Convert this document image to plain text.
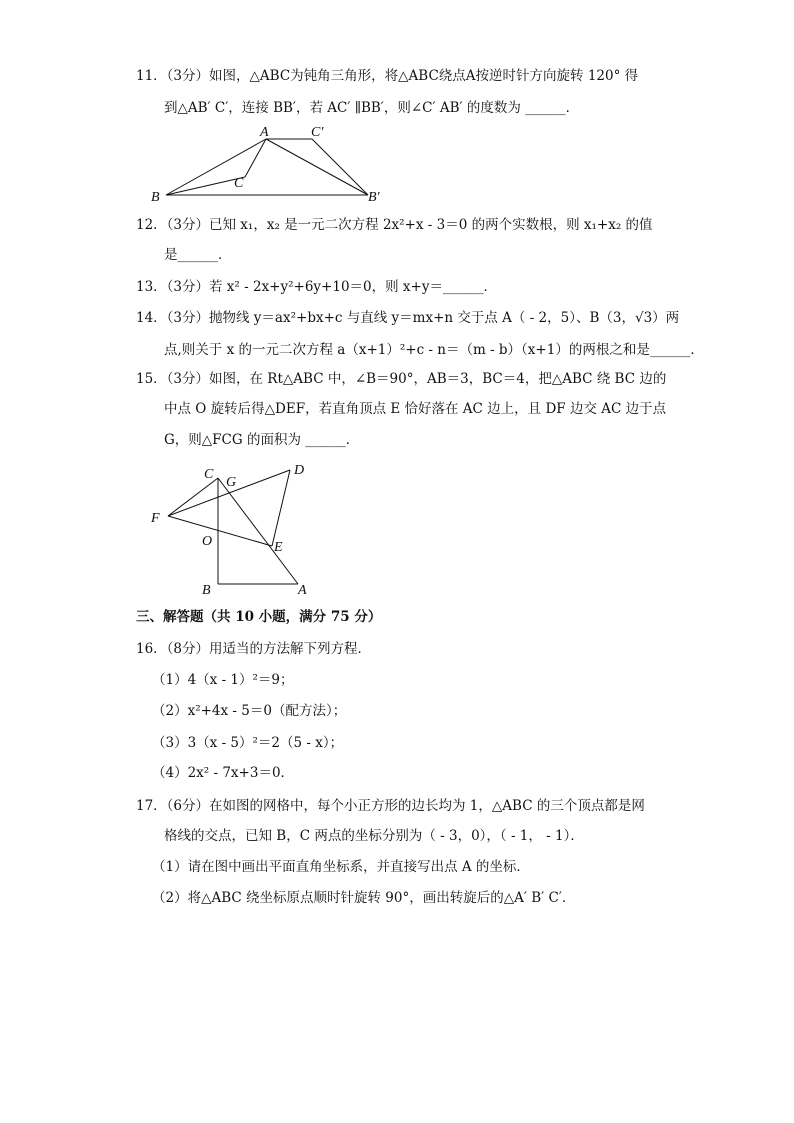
11．（3分）如图，△ABC为钝角三角形，将△ABC绕点A按逆时针方向旋转 120° 得
到△AB′ C′，连接 BB′，若 AC′ ∥BB′，则∠C′ AB′ 的度数为 ______．
A	C′
B
C
B′
12．（3分）已知 x₁，x₂ 是一元二次方程 2x²+x - 3＝0 的两个实数根，则 x₁+x₂ 的值
是______．
13．（3分）若 x² - 2x+y²+6y+10＝0，则 x+y＝______．
14．（3分）抛物线 y＝ax²+bx+c 与直线 y＝mx+n 交于点 A（ - 2，5）、B（3，√3）两
点,则关于 x 的一元二次方程 a（x+1）²+c - n＝（m - b）（x+1）的两根之和是______．
15．（3分）如图，在 Rt△ABC 中，∠B＝90°，AB＝3，BC＝4，把△ABC 绕 BC 边的
中点 O 旋转后得△DEF，若直角顶点 E 恰好落在 AC 边上，且 DF 边交 AC 边于点
G，则△FCG 的面积为 ______．
C
G
D
F
O	E
B	A
三、解答题（共 10 小题，满分 75 分）
16．（8分）用适当的方法解下列方程．
（1）4（x - 1）²＝9；
（2）x²+4x - 5＝0（配方法）；
（3）3（x - 5）²＝2（5 - x）；
（4）2x² - 7x+3＝0．
17．（6分）在如图的网格中，每个小正方形的边长均为 1，△ABC 的三个顶点都是网
格线的交点，已知 B，C 两点的坐标分别为（ - 3，0），（ - 1， - 1）．
（1）请在图中画出平面直角坐标系，并直接写出点 A 的坐标．
（2）将△ABC 绕坐标原点顺时针旋转 90°，画出转旋后的△A′ B′ C′．
